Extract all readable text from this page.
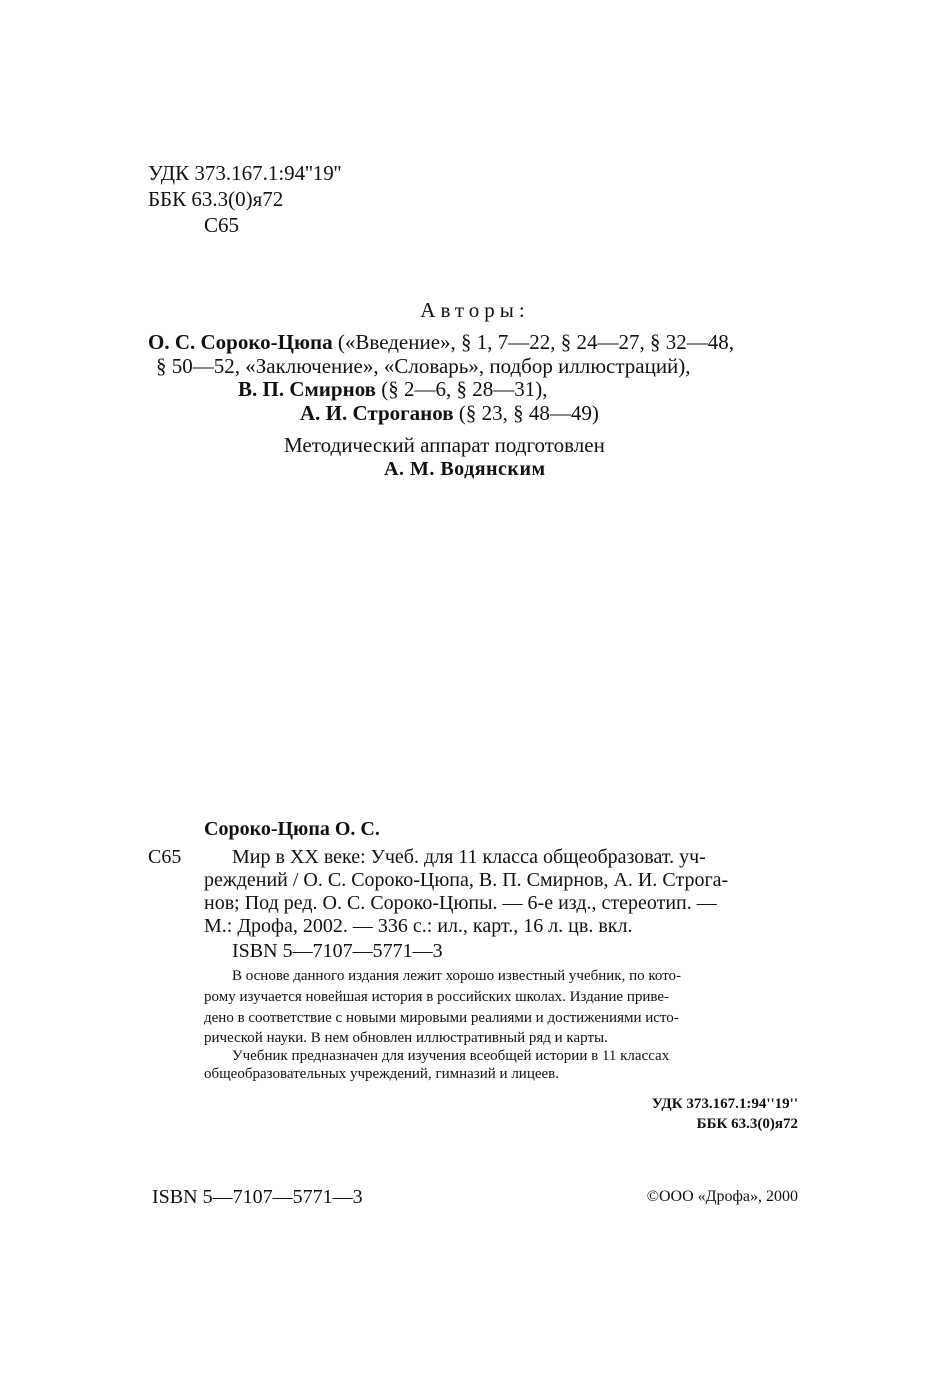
УДК 373.167.1:94''19''
ББК 63.3(0)я72
С65
Авторы:
О. С. Сороко-Цюпа («Введение», § 1, 7—22, § 24—27, § 32—48,
§ 50—52, «Заключение», «Словарь», подбор иллюстраций),
В. П. Смирнов (§ 2—6, § 28—31),
А. И. Строганов (§ 23, § 48—49)
Методический аппарат подготовлен
А. М. Водянским
Сороко-Цюпа О. С.
С65	Мир в XX веке: Учеб. для 11 класса общеобразоват. уч-
реждений / О. С. Сороко-Цюпа, В. П. Смирнов, А. И. Строга-
нов; Под ред. О. С. Сороко-Цюпы. — 6-е изд., стереотип. —
М.: Дрофа, 2002. — 336 с.: ил., карт., 16 л. цв. вкл.
ISBN 5—7107—5771—3
В основе данного издания лежит хорошо известный учебник, по кото-
рому изучается новейшая история в российских школах. Издание приве-
дено в соответствие с новыми мировыми реалиями и достижениями исто-
рической науки. В нем обновлен иллюстративный ряд и карты.
Учебник предназначен для изучения всеобщей истории в 11 классах
общеобразовательных учреждений, гимназий и лицеев.
УДК 373.167.1:94''19''
ББК 63.3(0)я72
ISBN 5—7107—5771—3	©ООО «Дрофа», 2000
